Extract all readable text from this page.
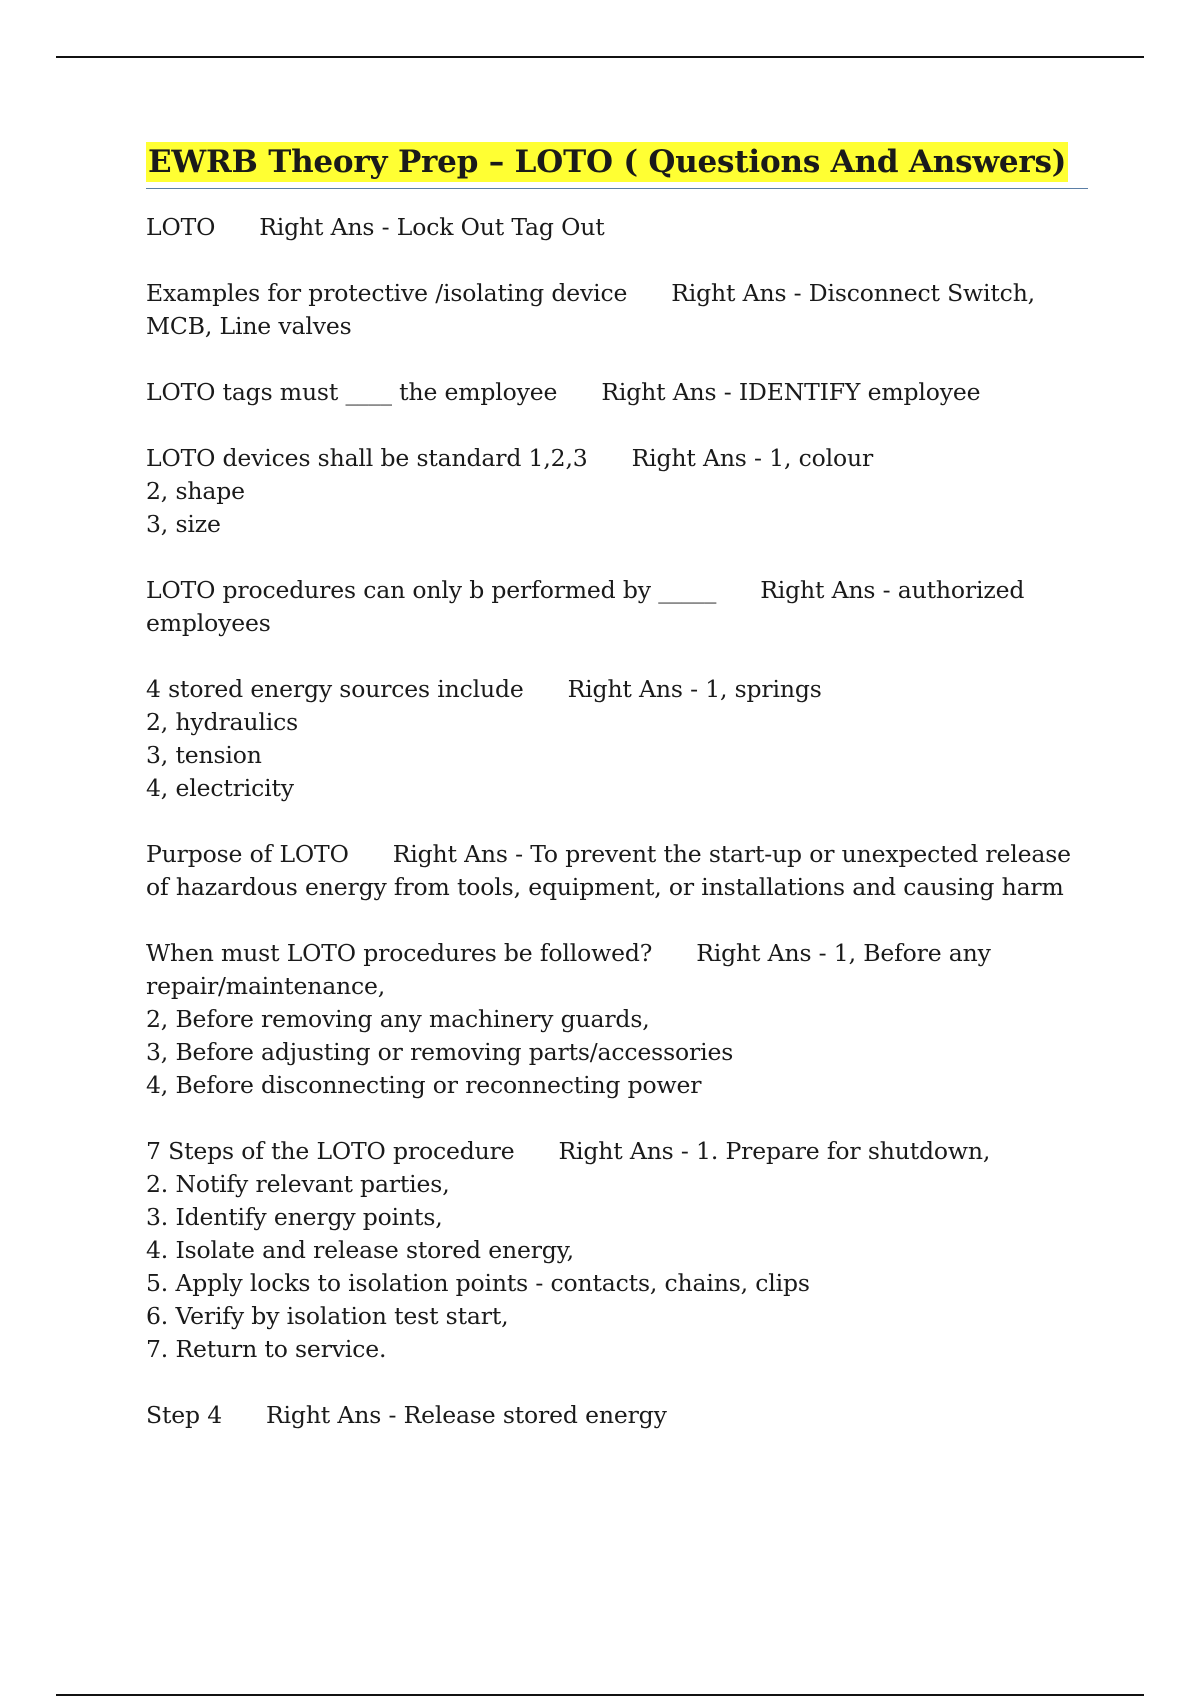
EWRB Theory Prep – LOTO ( Questions And Answers)
LOTO Right Ans - Lock Out Tag Out
Examples for protective /isolating device Right Ans - Disconnect Switch,
MCB, Line valves
LOTO tags must ____ the employee Right Ans - IDENTIFY employee
LOTO devices shall be standard 1,2,3 Right Ans - 1, colour
2, shape
3, size
LOTO procedures can only b performed by _____ Right Ans - authorized
employees
4 stored energy sources include Right Ans - 1, springs
2, hydraulics
3, tension
4, electricity
Purpose of LOTO Right Ans - To prevent the start-up or unexpected release
of hazardous energy from tools, equipment, or installations and causing harm
When must LOTO procedures be followed? Right Ans - 1, Before any
repair/maintenance,
2, Before removing any machinery guards,
3, Before adjusting or removing parts/accessories
4, Before disconnecting or reconnecting power
7 Steps of the LOTO procedure Right Ans - 1. Prepare for shutdown,
2. Notify relevant parties,
3. Identify energy points,
4. Isolate and release stored energy,
5. Apply locks to isolation points - contacts, chains, clips
6. Verify by isolation test start,
7. Return to service.
Step 4 Right Ans - Release stored energy
